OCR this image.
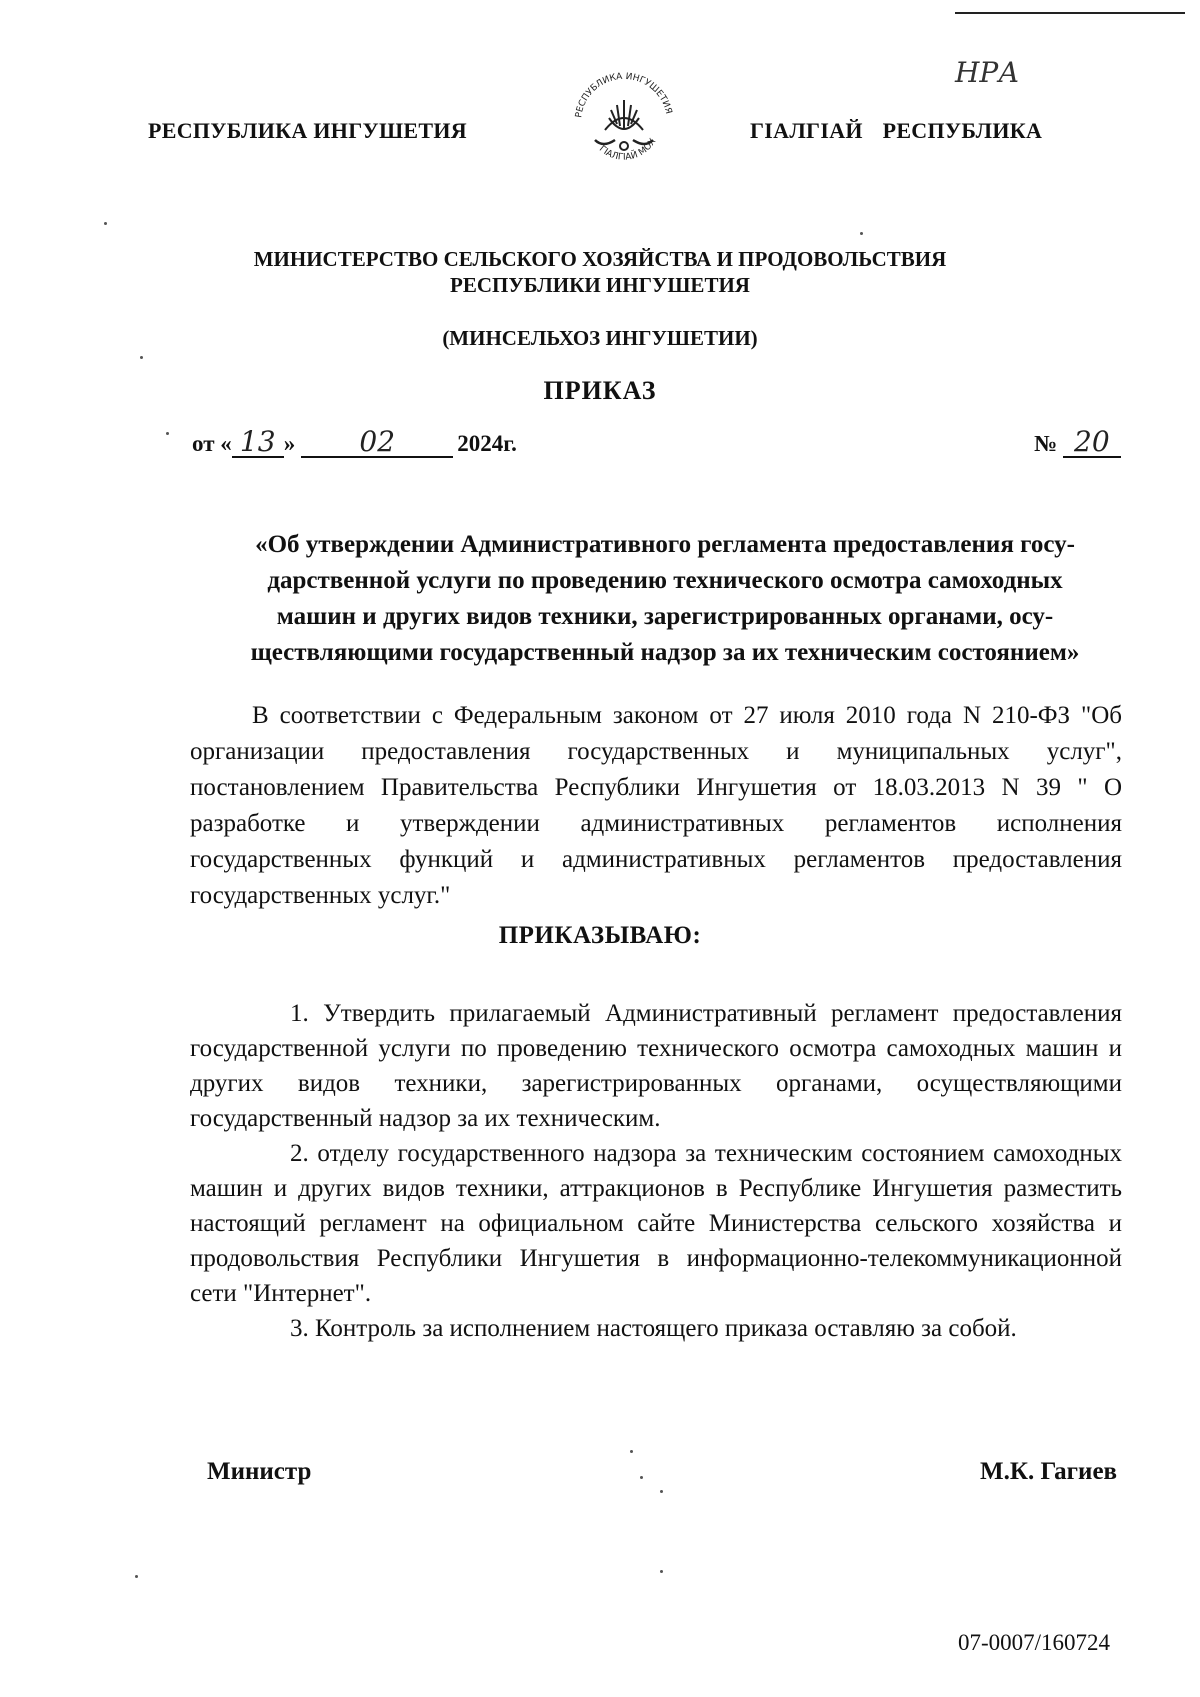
НРА
РЕСПУБЛИКА ИНГУШЕТИЯ
РЕСПУБЛИКА ИНГУШЕТИЯ
ГIАЛГIАЙ МОХ	ГIАЛГIАЙ РЕСПУБЛИКА
МИНИСТЕРСТВО СЕЛЬСКОГО ХОЗЯЙСТВА И ПРОДОВОЛЬСТВИЯ
РЕСПУБЛИКИ ИНГУШЕТИЯ
(МИНСЕЛЬХОЗ ИНГУШЕТИИ)
ПРИКАЗ
от « 13 » 02	2024г.	№ 20
«Об утверждении Административного регламента предоставления госу-
дарственной услуги по проведению технического осмотра самоходных
машин и других видов техники, зарегистрированных органами, осу-
ществляющими государственный надзор за их техническим состоянием»
В соответствии с Федеральным законом от 27 июля 2010 года N 210-ФЗ "Об организации предоставления государственных и муниципальных услуг", постановлением Правительства Республики Ингушетия от 18.03.2013 N 39 " О разработке и утверждении административных регламентов исполнения государственных функций и административных регламентов предоставления государственных услуг."
ПРИКАЗЫВАЮ:

1. Утвердить прилагаемый Административный регламент предоставления государственной услуги по проведению технического осмотра самоходных машин и других видов техники, зарегистрированных органами, осуществляющими государственный надзор за их техническим.

2. отделу государственного надзора за техническим состоянием самоходных машин и других видов техники, аттракционов в Республике Ингушетия разместить настоящий регламент на официальном сайте Министерства сельского хозяйства и продовольствия Республики Ингушетия в информационно-телекоммуникационной сети "Интернет".

3. Контроль за исполнением настоящего приказа оставляю за собой.

Министр	М.К. Гагиев
07-0007/160724
